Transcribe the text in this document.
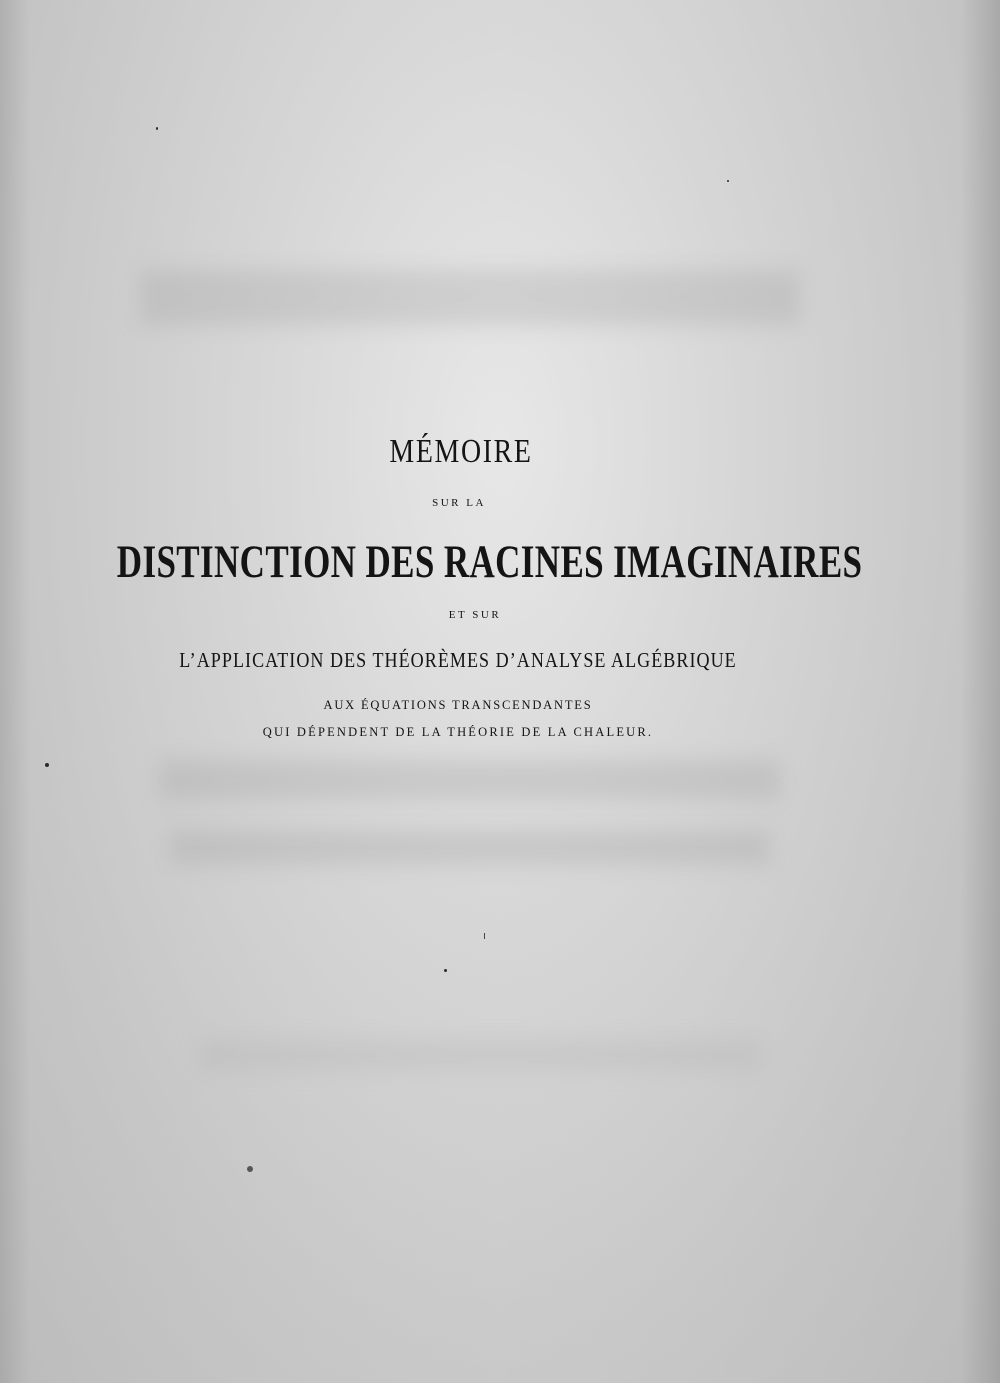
MÉMOIRE
SUR LA
DISTINCTION DES RACINES IMAGINAIRES
ET SUR
L’APPLICATION DES THÉORÈMES D’ANALYSE ALGÉBRIQUE
AUX ÉQUATIONS TRANSCENDANTES
QUI DÉPENDENT DE LA THÉORIE DE LA CHALEUR.
